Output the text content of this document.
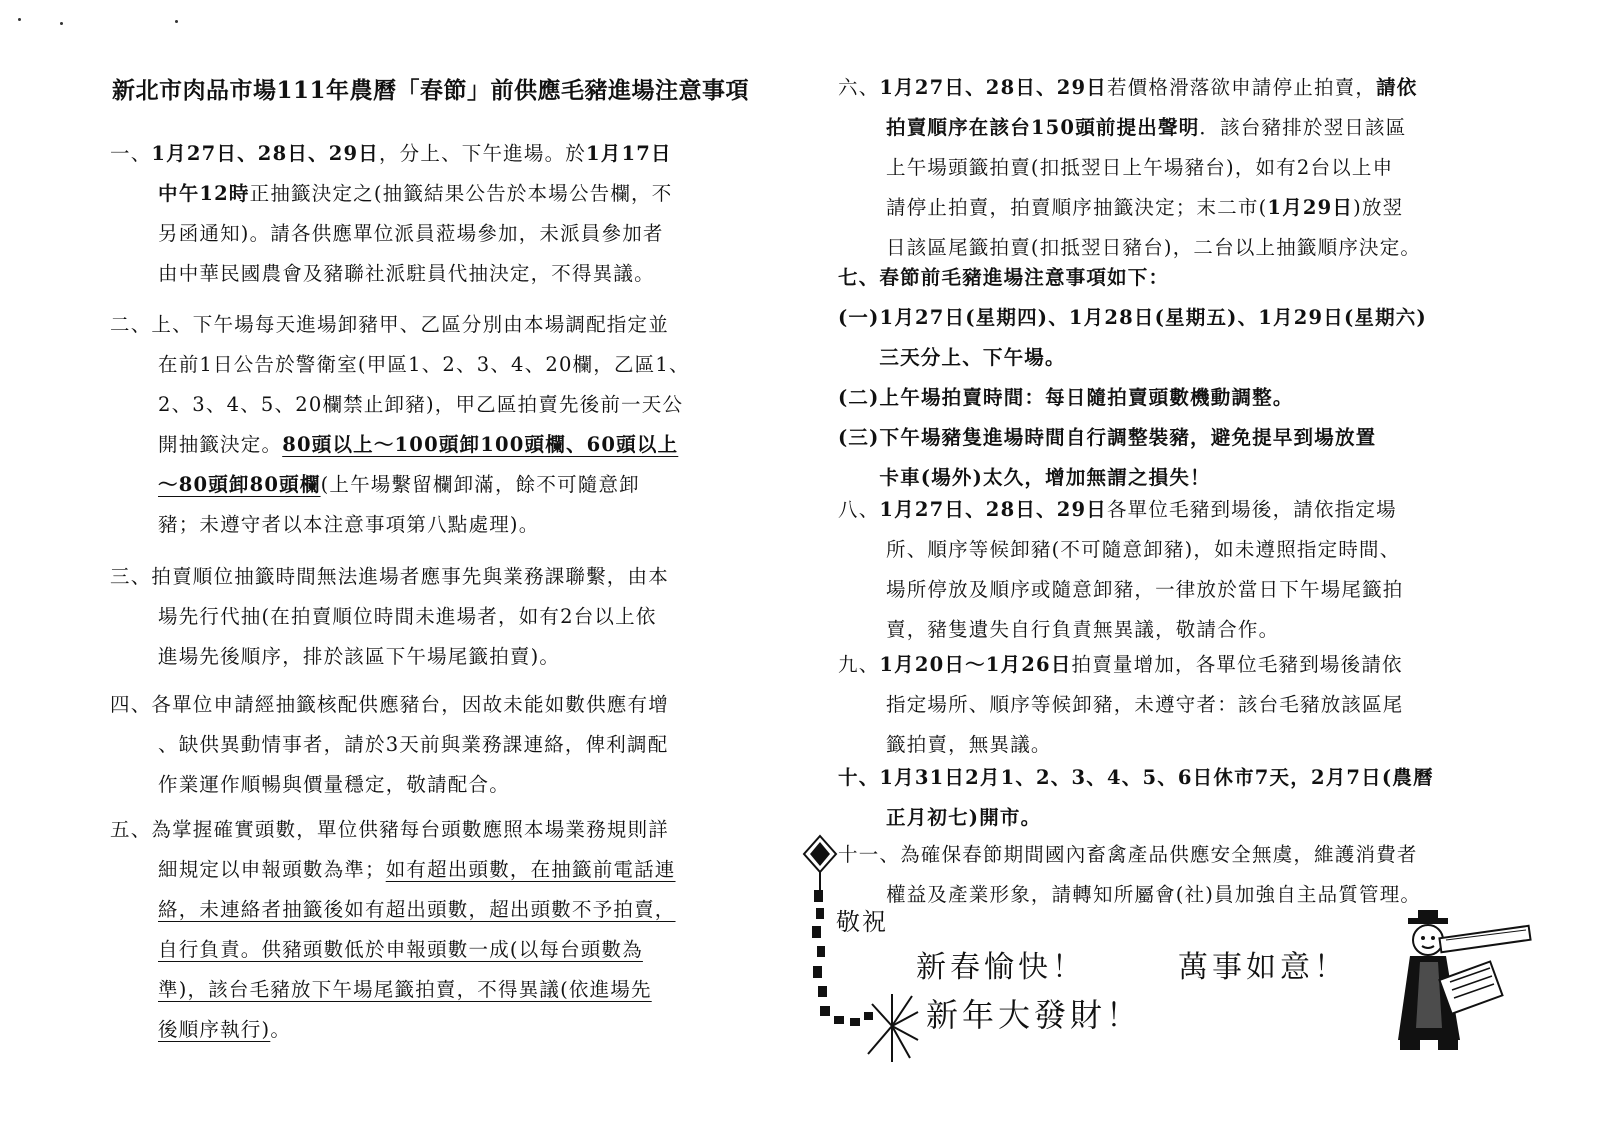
新北市肉品市場111年農曆「春節」前供應毛豬進場注意事項
一、1月27日、28日、29日，分上、下午進場。於1月17日
中午12時正抽籤決定之(抽籤結果公告於本場公告欄，不
另函通知)。請各供應單位派員蒞場參加，未派員參加者
由中華民國農會及豬聯社派駐員代抽決定，不得異議。
二、上、下午場每天進場卸豬甲、乙區分別由本場調配指定並
在前1日公告於警衛室(甲區1、2、3、4、20欄，乙區1、
2、3、4、5、20欄禁止卸豬)，甲乙區拍賣先後前一天公
開抽籤決定。80頭以上～100頭卸100頭欄、60頭以上
～80頭卸80頭欄(上午場繫留欄卸滿，餘不可隨意卸
豬；未遵守者以本注意事項第八點處理)。
三、拍賣順位抽籤時間無法進場者應事先與業務課聯繫，由本
場先行代抽(在拍賣順位時間未進場者，如有2台以上依
進場先後順序，排於該區下午場尾籤拍賣)。
四、各單位申請經抽籤核配供應豬台，因故未能如數供應有增
、缺供異動情事者，請於3天前與業務課連絡，俾利調配
作業運作順暢與價量穩定，敬請配合。
五、為掌握確實頭數，單位供豬每台頭數應照本場業務規則詳
細規定以申報頭數為準；如有超出頭數，在抽籤前電話連
絡，未連絡者抽籤後如有超出頭數，超出頭數不予拍賣，
自行負責。供豬頭數低於申報頭數一成(以每台頭數為
準)，該台毛豬放下午場尾籤拍賣，不得異議(依進場先
後順序執行)。
六、1月27日、28日、29日若價格滑落欲申請停止拍賣，請依
拍賣順序在該台150頭前提出聲明．該台豬排於翌日該區
上午場頭籤拍賣(扣抵翌日上午場豬台)，如有2台以上申
請停止拍賣，拍賣順序抽籤決定；末二市(1月29日)放翌
日該區尾籤拍賣(扣抵翌日豬台)，二台以上抽籤順序決定。
七、春節前毛豬進場注意事項如下：
(一)1月27日(星期四)、1月28日(星期五)、1月29日(星期六)
　　三天分上、下午場。
(二)上午場拍賣時間：每日隨拍賣頭數機動調整。
(三)下午場豬隻進場時間自行調整裝豬，避免提早到場放置
　　卡車(場外)太久，增加無謂之損失！
八、1月27日、28日、29日各單位毛豬到場後，請依指定場
所、順序等候卸豬(不可隨意卸豬)，如未遵照指定時間、
場所停放及順序或隨意卸豬，一律放於當日下午場尾籤拍
賣，豬隻遺失自行負責無異議，敬請合作。
九、1月20日～1月26日拍賣量增加，各單位毛豬到場後請依
指定場所、順序等候卸豬，未遵守者：該台毛豬放該區尾
籤拍賣，無異議。
十、1月31日2月1、2、3、4、5、6日休市7天，2月7日(農曆
正月初七)開市。
十一、為確保春節期間國內畜禽產品供應安全無虞，維護消費者
權益及產業形象，請轉知所屬會(社)員加強自主品質管理。
敬祝
新春愉快！	萬事如意！
新年大發財！
